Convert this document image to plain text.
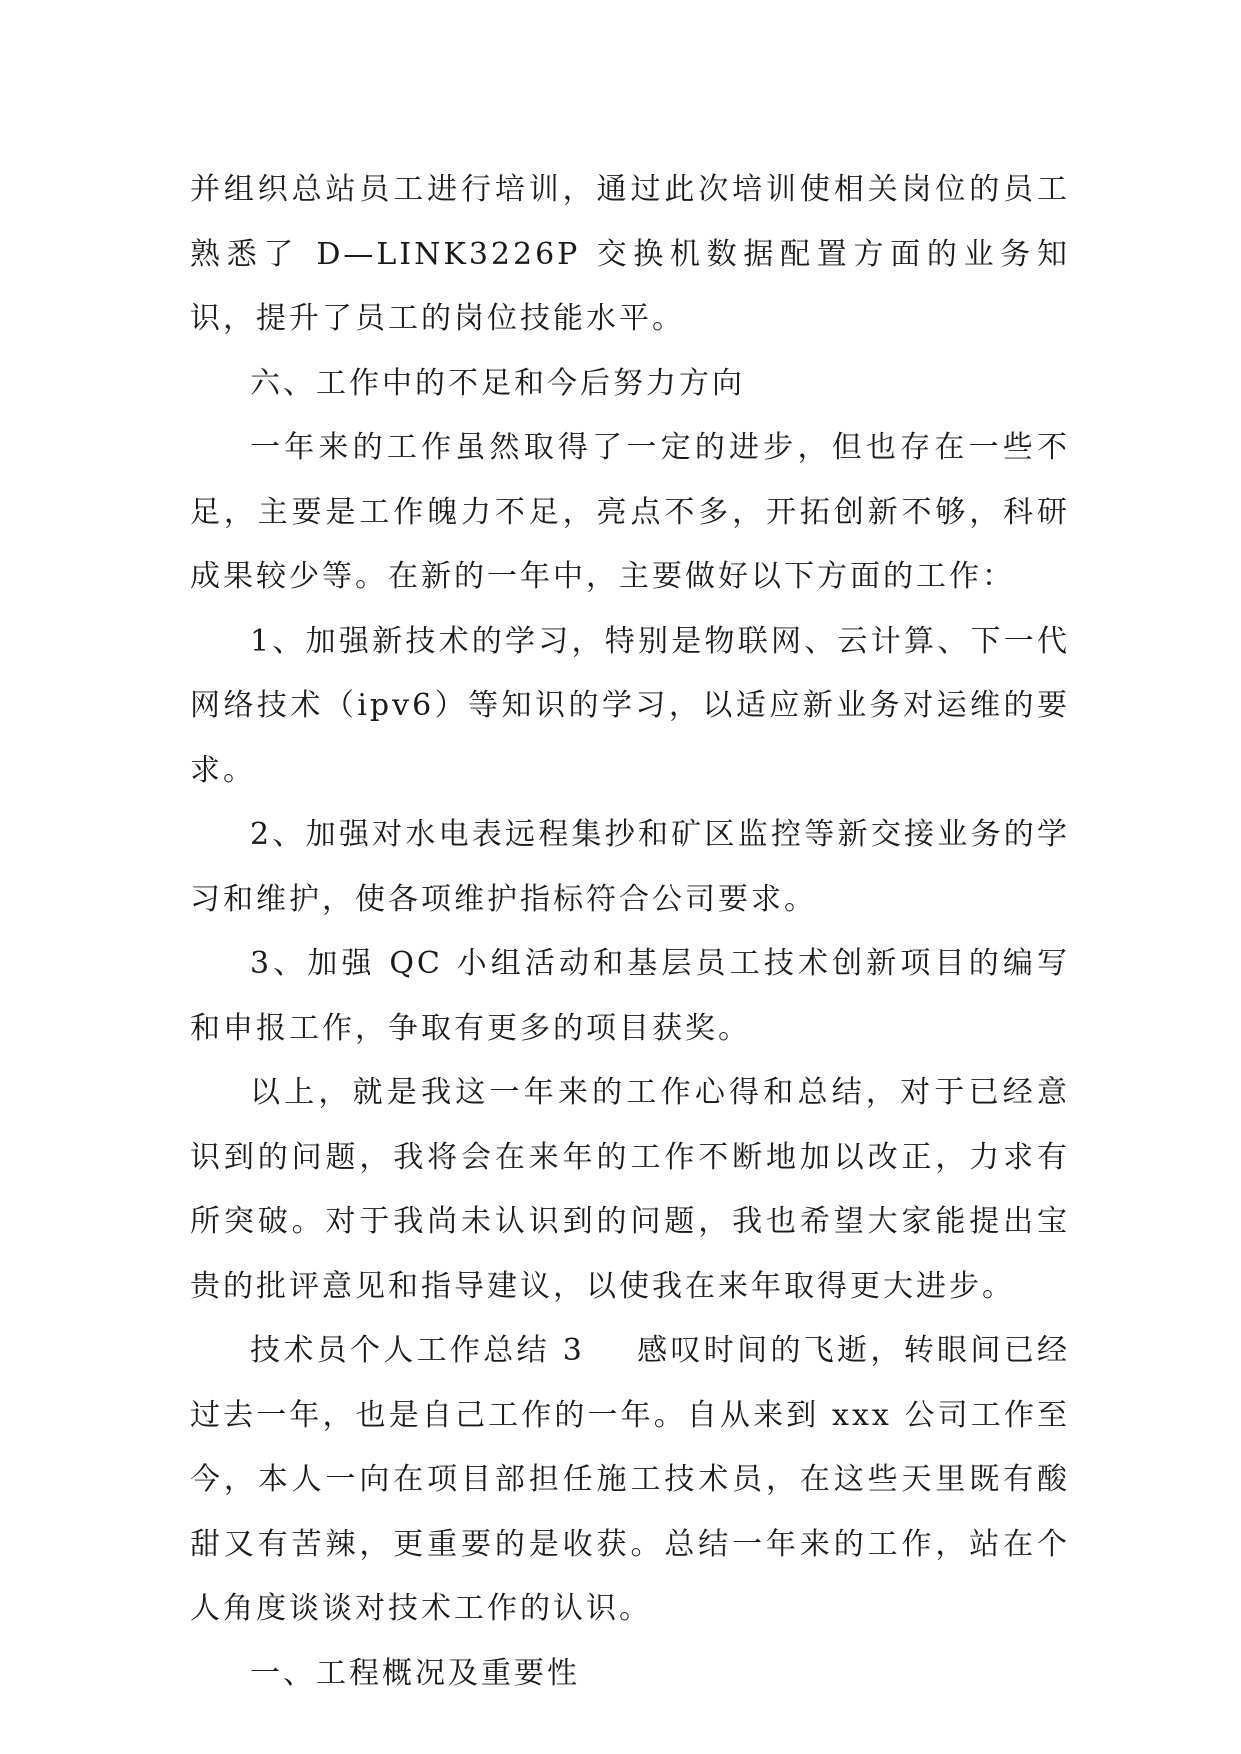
并组织总站员工进行培训，通过此次培训使相关岗位的员工熟悉了 D—LINK3226P 交换机数据配置方面的业务知识，提升了员工的岗位技能水平。

六、工作中的不足和今后努力方向

一年来的工作虽然取得了一定的进步，但也存在一些不足，主要是工作魄力不足，亮点不多，开拓创新不够，科研成果较少等。在新的一年中，主要做好以下方面的工作：

1、加强新技术的学习，特别是物联网、云计算、下一代网络技术（ipv6）等知识的学习，以适应新业务对运维的要求。

2、加强对水电表远程集抄和矿区监控等新交接业务的学习和维护，使各项维护指标符合公司要求。

3、加强 QC 小组活动和基层员工技术创新项目的编写和申报工作，争取有更多的项目获奖。

以上，就是我这一年来的工作心得和总结，对于已经意识到的问题，我将会在来年的工作不断地加以改正，力求有所突破。对于我尚未认识到的问题，我也希望大家能提出宝贵的批评意见和指导建议，以使我在来年取得更大进步。

技术员个人工作总结 3 感叹时间的飞逝，转眼间已经过去一年，也是自己工作的一年。自从来到 xxx 公司工作至今，本人一向在项目部担任施工技术员，在这些天里既有酸甜又有苦辣，更重要的是收获。总结一年来的工作，站在个人角度谈谈对技术工作的认识。

一、工程概况及重要性
